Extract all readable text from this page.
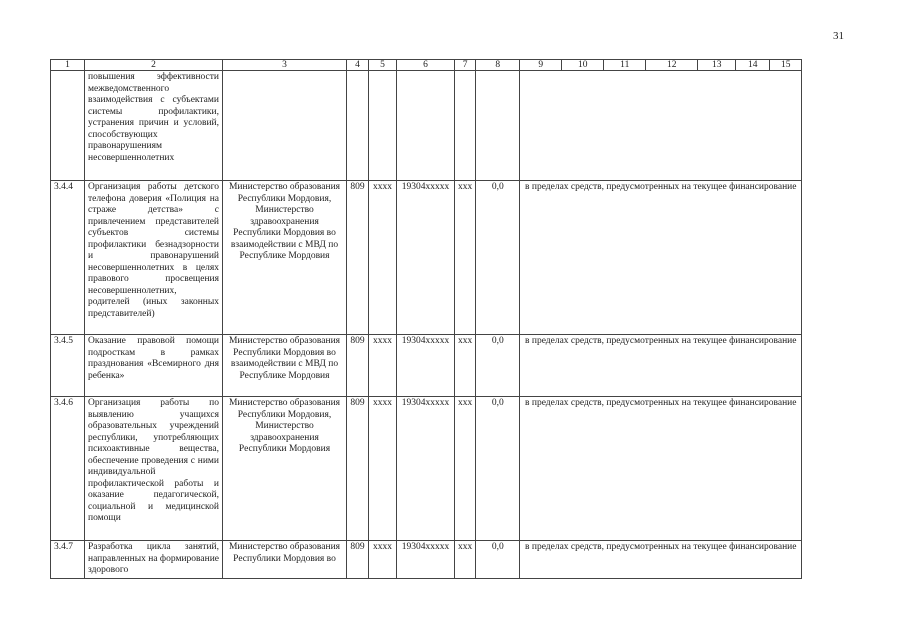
31
1	2	3	4	5	6	7	8	9	10	11	12	13	14	15
	повышения эффективности межведомственного взаимодействия с субъектами системы профилактики, устранения причин и условий, способствующих правонарушениям несовершеннолетних													
3.4.4	Организация работы детского телефона доверия «Полиция на страже детства» с привлечением представителей субъектов системы профилактики безнадзорности и правонарушений несовершеннолетних в целях правового просвещения несовершеннолетних, родителей (иных законных представителей)	Министерство образования Республики Мордовия, Министерство здравоохранения Республики Мордовия во взаимодействии с МВД по Республике Мордовия	809	хххх	19304ххххх	ххх	0,0	в пределах средств, предусмотренных на текущее финансирование						
3.4.5	Оказание правовой помощи подросткам в рамках празднования «Всемирного дня ребенка»	Министерство образования Республики Мордовия во взаимодействии с МВД по Республике Мордовия	809	хххх	19304ххххх	ххх	0,0	в пределах средств, предусмотренных на текущее финансирование						
3.4.6	Организация работы по выявлению учащихся образовательных учреждений республики, употребляющих психоактивные вещества, обеспечение проведения с ними индивидуальной профилактической работы и оказание педагогической, социальной и медицинской помощи	Министерство образования Республики Мордовия, Министерство здравоохранения Республики Мордовия	809	хххх	19304ххххх	ххх	0,0	в пределах средств, предусмотренных на текущее финансирование						
3.4.7	Разработка цикла занятий, направленных на формирование здорового	Министерство образования Республики Мордовия во	809	хххх	19304ххххх	ххх	0,0	в пределах средств, предусмотренных на текущее финансирование						
